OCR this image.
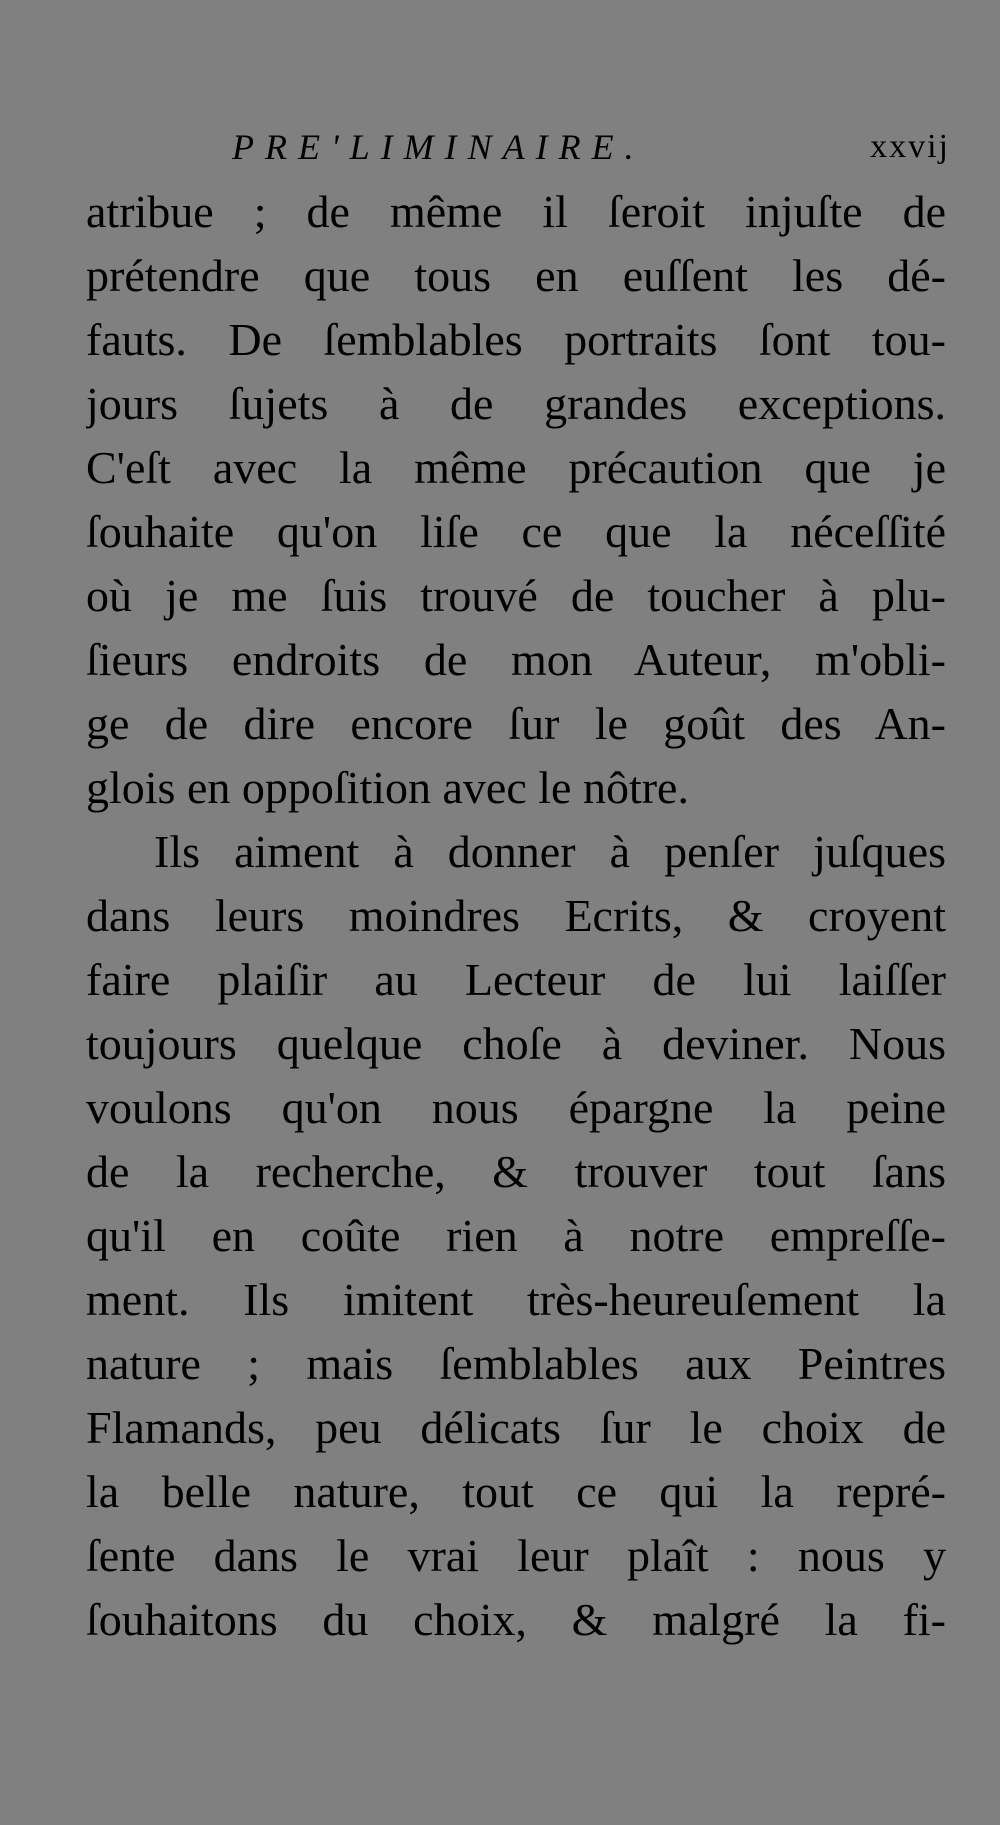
PRE'LIMINAIRE.	xxvij
atribue ; de même il ſeroit injuſte de
prétendre que tous en euſſent les dé-
fauts. De ſemblables portraits ſont tou-
jours ſujets à de grandes exceptions.
C'eſt avec la même précaution que je
ſouhaite qu'on liſe ce que la néceſſité
où je me ſuis trouvé de toucher à plu-
ſieurs endroits de mon Auteur, m'obli-
ge de dire encore ſur le goût des An-
glois en oppoſition avec le nôtre.
Ils aiment à donner à penſer juſques
dans leurs moindres Ecrits, & croyent
faire plaiſir au Lecteur de lui laiſſer
toujours quelque choſe à deviner. Nous
voulons qu'on nous épargne la peine
de la recherche, & trouver tout ſans
qu'il en coûte rien à notre empreſſe-
ment. Ils imitent très-heureuſement la
nature ; mais ſemblables aux Peintres
Flamands, peu délicats ſur le choix de
la belle nature, tout ce qui la repré-
ſente dans le vrai leur plaît : nous y
ſouhaitons du choix, & malgré la fi-
